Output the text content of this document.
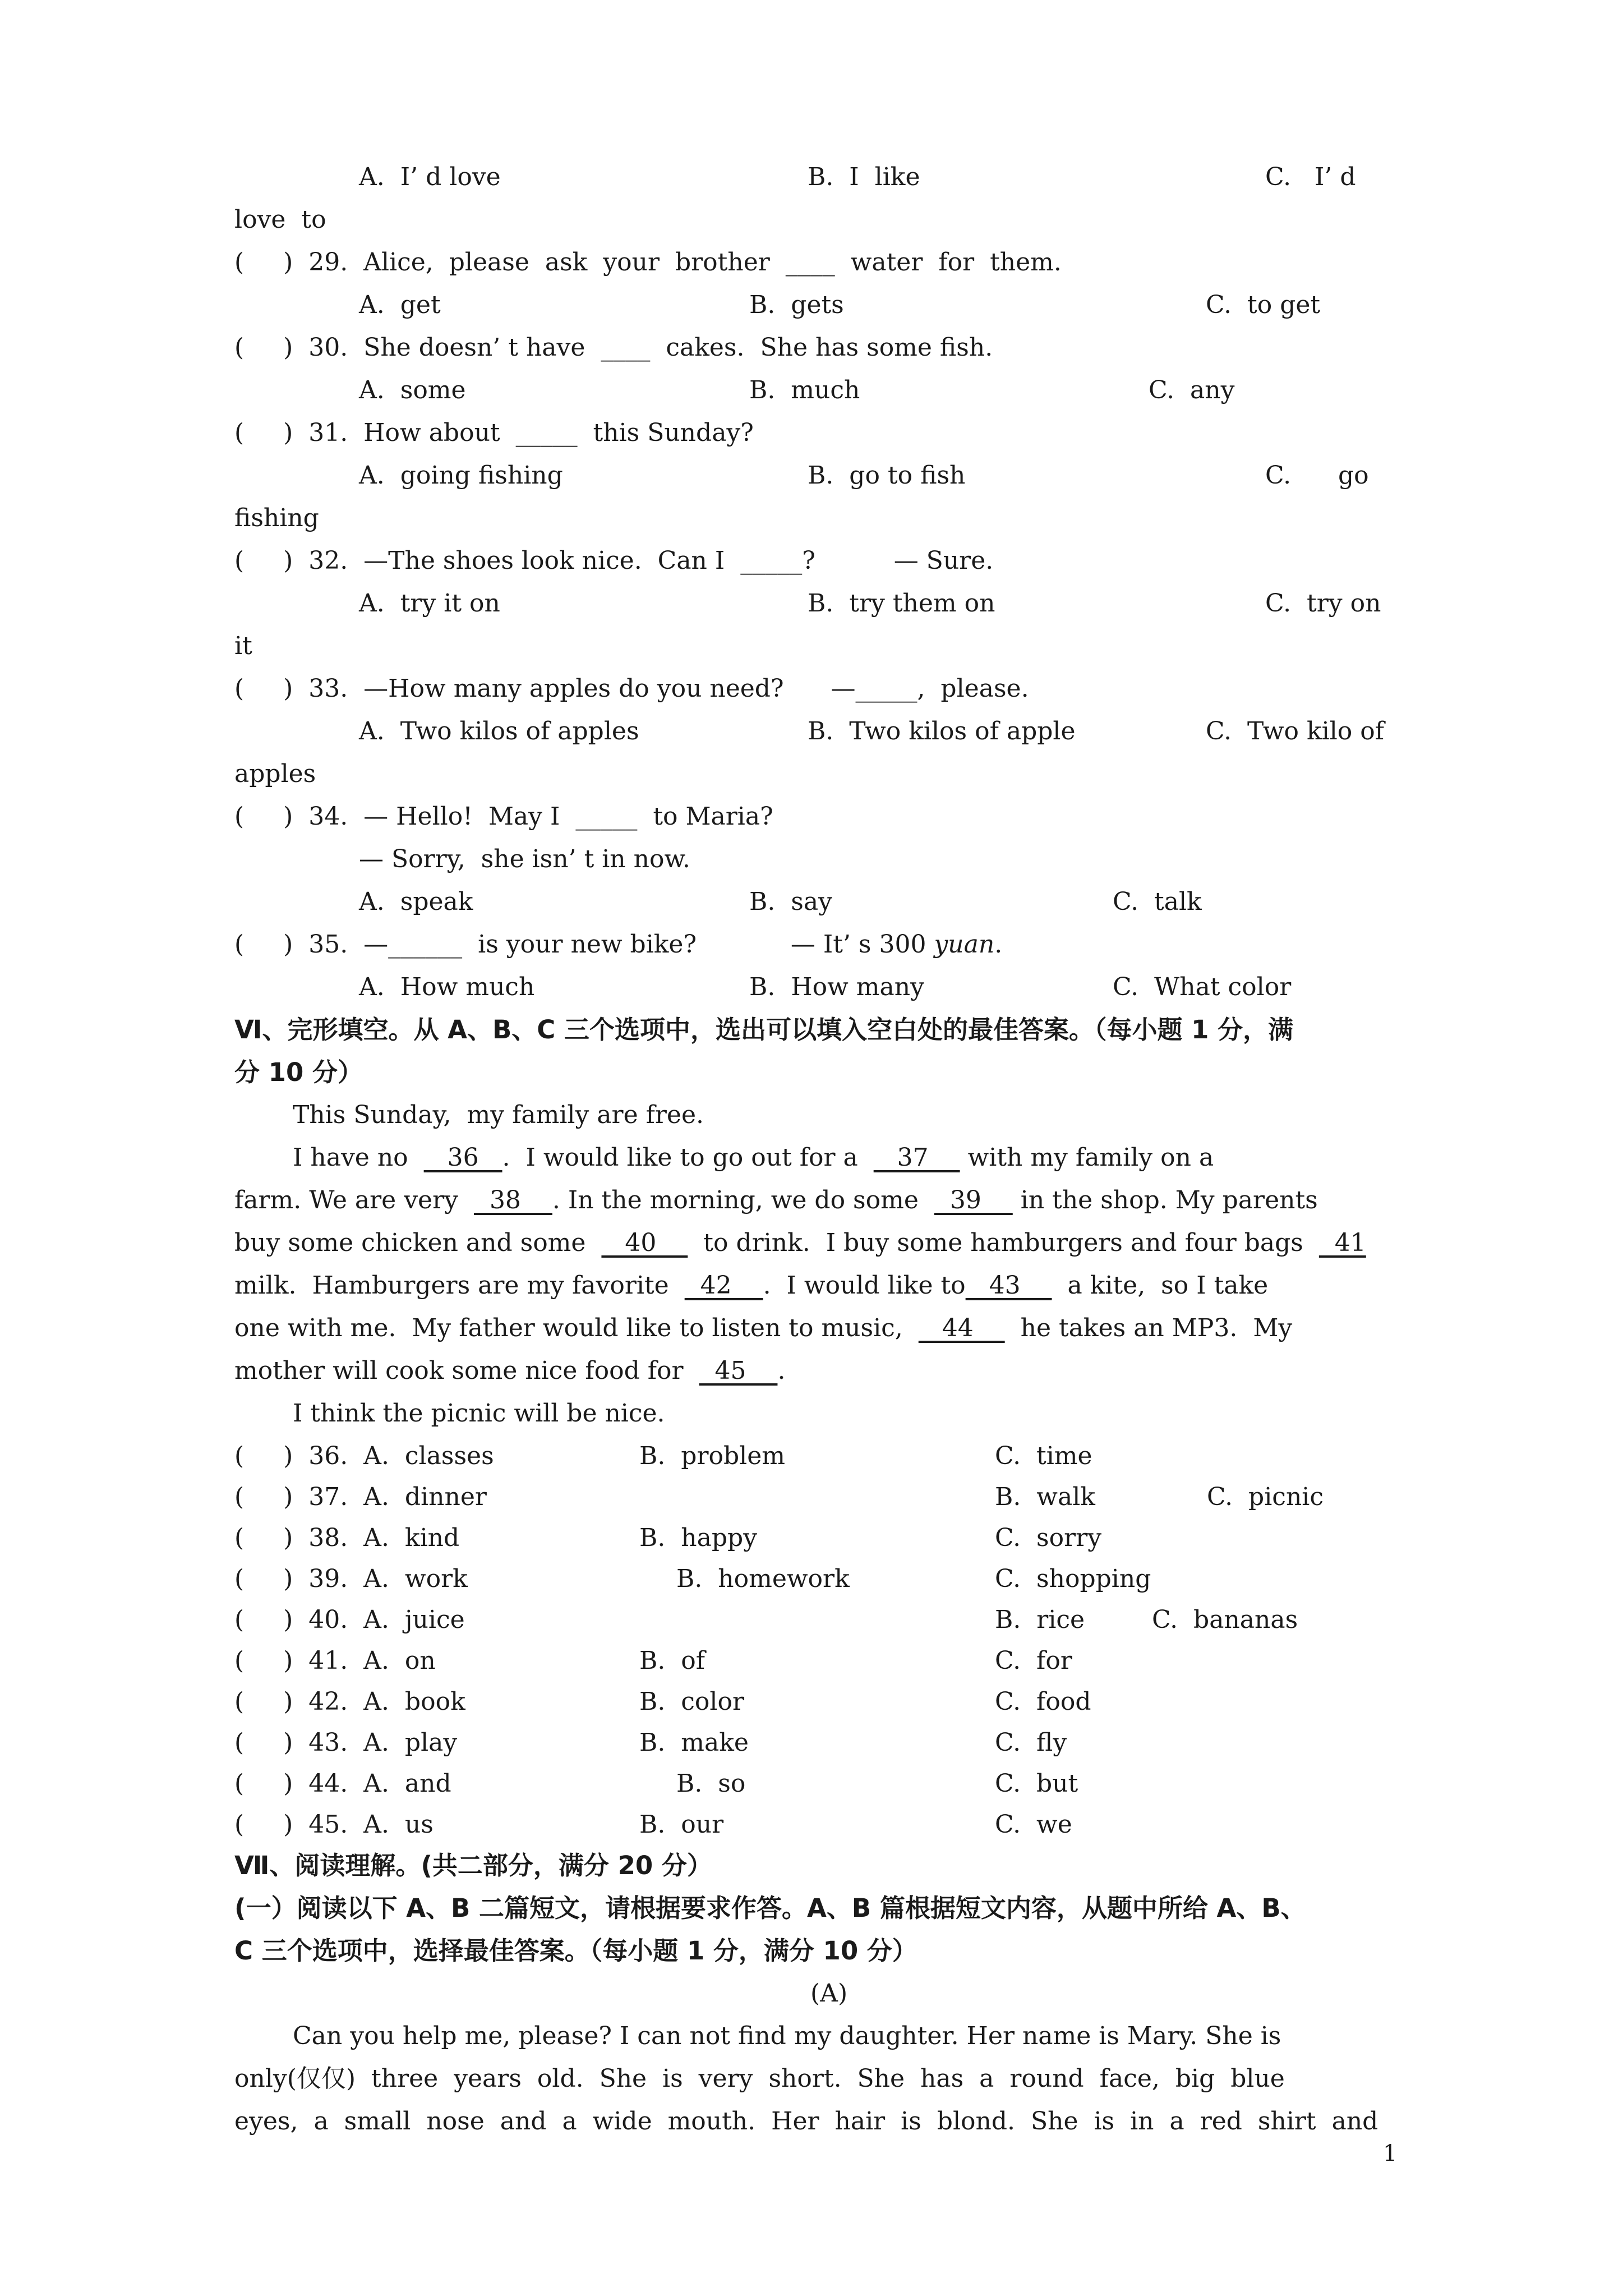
A.  I’ d love	B.  I  like	C.   I’ d
love  to
(     )  29.  Alice,  please  ask  your  brother  ____  water  for  them.
A.  get	B.  gets	C.  to get
(     )  30.  She doesn’ t have  ____  cakes.  She has some fish.
A.  some	B.  much	C.  any
(     )  31.  How about  _____  this Sunday?
A.  going fishing	B.  go to fish	C.      go
fishing
(     )  32.  —The shoes look nice.  Can I  _____?          — Sure.
A.  try it on	B.  try them on	C.  try on
it
(     )  33.  —How many apples do you need?      —_____,  please.
A.  Two kilos of apples	B.  Two kilos of apple	C.  Two kilo of
apples
(     )  34.  — Hello!  May I  _____  to Maria?
— Sorry,  she isn’ t in now.
A.  speak	B.  say	C.  talk
(     )  35.  —______  is your new bike?            — It’ s 300 yuan.
A.  How much	B.  How many	C.  What color
Ⅵ、完形填空。从 A、B、C 三个选项中，选出可以填入空白处的最佳答案。（每小题 1 分，满
分 10 分）
This Sunday,  my family are free.
I have no     36   .  I would like to go out for a     37     with my family on a
farm. We are very    38    . In the morning, we do some    39     in the shop. My parents
buy some chicken and some     40      to drink.  I buy some hamburgers and four bags    41
milk.  Hamburgers are my favorite    42    .  I would like to   43      a kite,  so I take
one with me.  My father would like to listen to music,     44      he takes an MP3.  My
mother will cook some nice food for    45    .
I think the picnic will be nice.
(     )  36.  A.  classes	B.  problem	C.  time
(     )  37.  A.  dinner	B.  walk	C.  picnic
(     )  38.  A.  kind	B.  happy	C.  sorry
(     )  39.  A.  work	B.  homework	C.  shopping
(     )  40.  A.  juice	B.  rice	C.  bananas
(     )  41.  A.  on	B.  of	C.  for
(     )  42.  A.  book	B.  color	C.  food
(     )  43.  A.  play	B.  make	C.  fly
(     )  44.  A.  and	B.  so	C.  but
(     )  45.  A.  us	B.  our	C.  we
Ⅶ、阅读理解。(共二部分，满分 20 分）
(一）阅读以下 A、B 二篇短文，请根据要求作答。A、B 篇根据短文内容，从题中所给 A、B、
C 三个选项中，选择最佳答案。（每小题 1 分，满分 10 分）
(A)
Can you help me, please? I can not find my daughter. Her name is Mary. She is
only(仅仅)  three  years  old.  She  is  very  short.  She  has  a  round  face,  big  blue
eyes,  a  small  nose  and  a  wide  mouth.  Her  hair  is  blond.  She  is  in  a  red  shirt  and
1
